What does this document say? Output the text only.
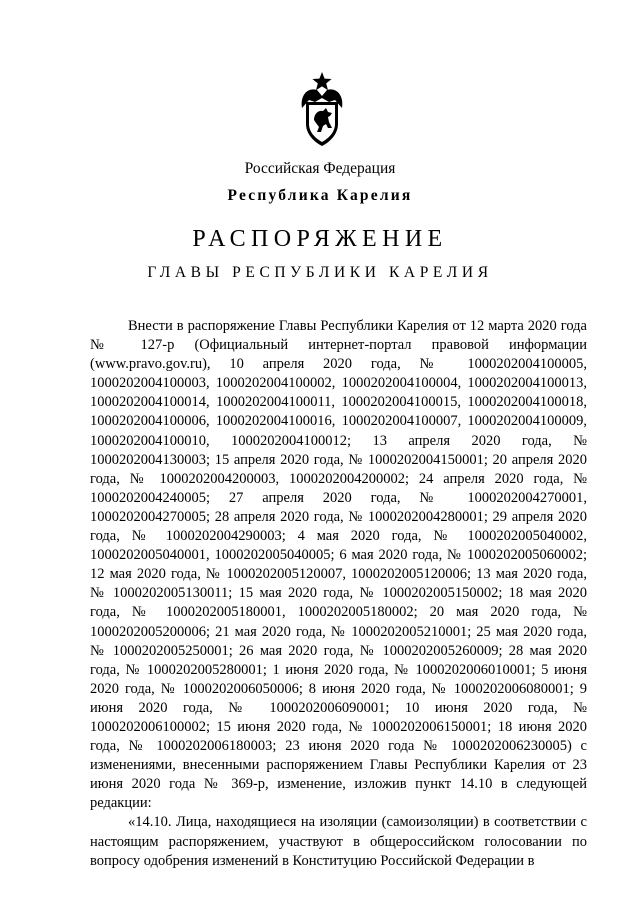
Российская Федерация
Республика Карелия
РАСПОРЯЖЕНИЕ
ГЛАВЫ РЕСПУБЛИКИ КАРЕЛИЯ

Внести в распоряжение Главы Республики Карелия от 12 марта 2020 года № 127-р (Официальный интернет-портал правовой информации (www.pravo.gov.ru), 10 апреля 2020 года, № 1000202004100005, 1000202004100003, 1000202004100002, 1000202004100004, 1000202004100013, 1000202004100014, 1000202004100011, 1000202004100015, 1000202004100018, 1000202004100006, 1000202004100016, 1000202004100007, 1000202004100009, 1000202004100010, 1000202004100012; 13 апреля 2020 года, № 1000202004130003; 15 апреля 2020 года, № 1000202004150001; 20 апреля 2020 года, № 1000202004200003, 1000202004200002; 24 апреля 2020 года, № 1000202004240005; 27 апреля 2020 года, № 1000202004270001, 1000202004270005; 28 апреля 2020 года, № 1000202004280001; 29 апреля 2020 года, № 1000202004290003; 4 мая 2020 года, № 1000202005040002, 1000202005040001, 1000202005040005; 6 мая 2020 года, № 1000202005060002; 12 мая 2020 года, № 1000202005120007, 1000202005120006; 13 мая 2020 года, № 1000202005130011; 15 мая 2020 года, № 1000202005150002; 18 мая 2020 года, № 1000202005180001, 1000202005180002; 20 мая 2020 года, № 1000202005200006; 21 мая 2020 года, № 1000202005210001; 25 мая 2020 года, № 1000202005250001; 26 мая 2020 года, № 1000202005260009; 28 мая 2020 года, № 1000202005280001; 1 июня 2020 года, № 1000202006010001; 5 июня 2020 года, № 1000202006050006; 8 июня 2020 года, № 1000202006080001; 9 июня 2020 года, № 1000202006090001; 10 июня 2020 года, № 1000202006100002; 15 июня 2020 года, № 1000202006150001; 18 июня 2020 года, № 1000202006180003; 23 июня 2020 года № 1000202006230005) с изменениями, внесенными распоряжением Главы Республики Карелия от 23 июня 2020 года № 369-р, изменение, изложив пункт 14.10 в следующей редакции:

«14.10. Лица, находящиеся на изоляции (самоизоляции) в соответствии с настоящим распоряжением, участвуют в общероссийском голосовании по вопросу одобрения изменений в Конституцию Российской Федерации в
